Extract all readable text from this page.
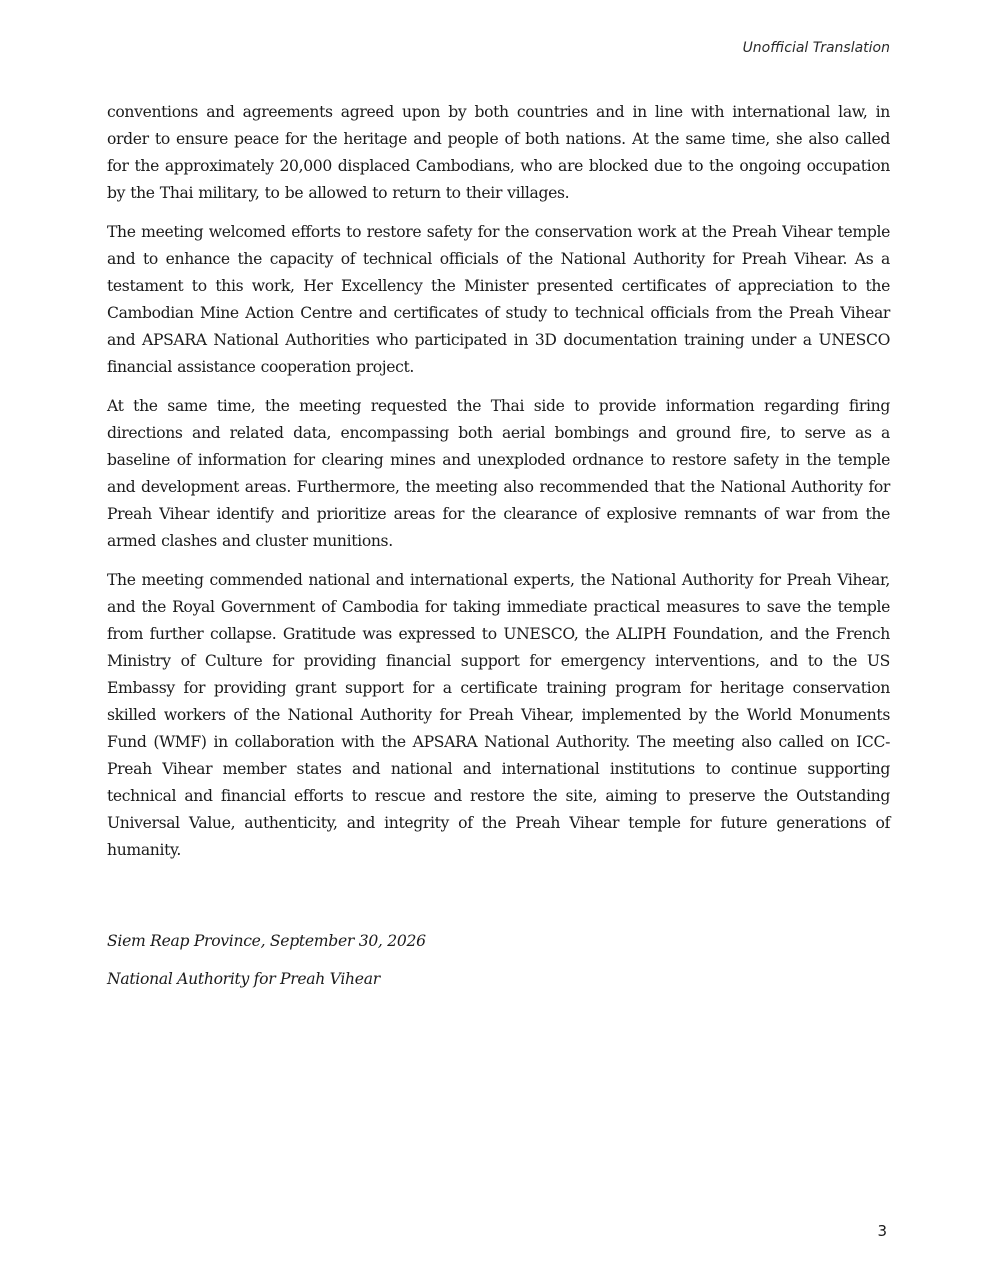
Unofficial Translation

conventions and agreements agreed upon by both countries and in line with international law, in order to ensure peace for the heritage and people of both nations. At the same time, she also called for the approximately 20,000 displaced Cambodians, who are blocked due to the ongoing occupation by the Thai military, to be allowed to return to their villages.

The meeting welcomed efforts to restore safety for the conservation work at the Preah Vihear temple and to enhance the capacity of technical officials of the National Authority for Preah Vihear. As a testament to this work, Her Excellency the Minister presented certificates of appreciation to the Cambodian Mine Action Centre and certificates of study to technical officials from the Preah Vihear and APSARA National Authorities who participated in 3D documentation training under a UNESCO financial assistance cooperation project.

At the same time, the meeting requested the Thai side to provide information regarding firing directions and related data, encompassing both aerial bombings and ground fire, to serve as a baseline of information for clearing mines and unexploded ordnance to restore safety in the temple and development areas. Furthermore, the meeting also recommended that the National Authority for Preah Vihear identify and prioritize areas for the clearance of explosive remnants of war from the armed clashes and cluster munitions.

The meeting commended national and international experts, the National Authority for Preah Vihear, and the Royal Government of Cambodia for taking immediate practical measures to save the temple from further collapse. Gratitude was expressed to UNESCO, the ALIPH Foundation, and the French Ministry of Culture for providing financial support for emergency interventions, and to the US Embassy for providing grant support for a certificate training program for heritage conservation skilled workers of the National Authority for Preah Vihear, implemented by the World Monuments Fund (WMF) in collaboration with the APSARA National Authority. The meeting also called on ICC-Preah Vihear member states and national and international institutions to continue supporting technical and financial efforts to rescue and restore the site, aiming to preserve the Outstanding Universal Value, authenticity, and integrity of the Preah Vihear temple for future generations of humanity.

Siem Reap Province, September 30, 2026
National Authority for Preah Vihear
3
